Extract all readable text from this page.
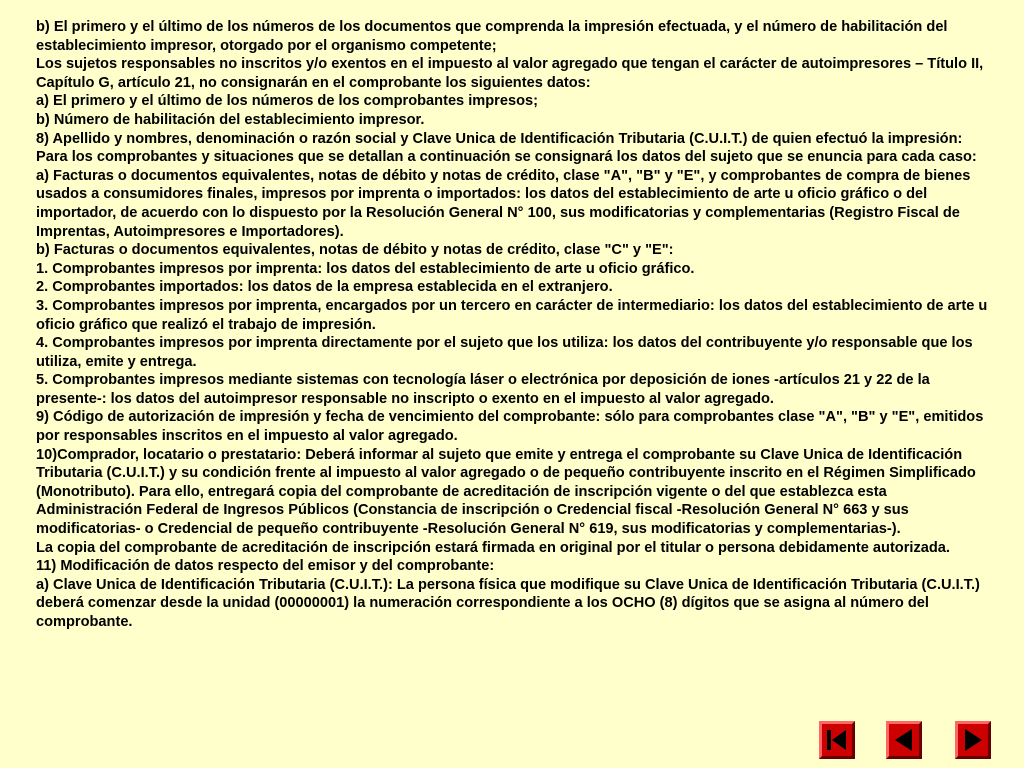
b) El primero y el último de los números de los documentos que comprenda la impresión efectuada, y el número de habilitación del establecimiento impresor, otorgado por el organismo competente;

Los sujetos responsables no inscritos y/o exentos en el impuesto al valor agregado que tengan el carácter de autoimpresores – Título II, Capítulo G, artículo 21, no consignarán en el comprobante los siguientes datos:

a) El primero y el último de los números de los comprobantes impresos;

b) Número de habilitación del establecimiento impresor.

8) Apellido y nombres, denominación o razón social y Clave Unica de Identificación Tributaria (C.U.I.T.) de quien efectuó la impresión: Para los comprobantes y situaciones que se detallan a continuación se consignará los datos del sujeto que se enuncia para cada caso:

a) Facturas o documentos equivalentes, notas de débito y notas de crédito, clase "A", "B" y "E", y comprobantes de compra de bienes usados a consumidores finales, impresos por imprenta o importados: los datos del establecimiento de arte u oficio gráfico o del importador, de acuerdo con lo dispuesto por la Resolución General N° 100, sus modificatorias y complementarias (Registro Fiscal de Imprentas, Autoimpresores e Importadores).

b) Facturas o documentos equivalentes, notas de débito y notas de crédito, clase "C" y "E":

1. Comprobantes impresos por imprenta: los datos del establecimiento de arte u oficio gráfico.

2. Comprobantes importados: los datos de la empresa establecida en el extranjero.

3. Comprobantes impresos por imprenta, encargados por un tercero en carácter de intermediario: los datos del establecimiento de arte u oficio gráfico que realizó el trabajo de impresión.

4. Comprobantes impresos por imprenta directamente por el sujeto que los utiliza: los datos del contribuyente y/o responsable que los utiliza, emite y entrega.

5. Comprobantes impresos mediante sistemas con tecnología láser o electrónica por deposición de iones -artículos 21 y 22 de la presente-: los datos del autoimpresor responsable no inscripto o exento en el impuesto al valor agregado.

9) Código de autorización de impresión y fecha de vencimiento del comprobante: sólo para comprobantes clase "A", "B" y "E", emitidos por responsables inscritos en el impuesto al valor agregado.

10)Comprador, locatario o prestatario: Deberá informar al sujeto que emite y entrega el comprobante su Clave Unica de Identificación Tributaria (C.U.I.T.) y su condición frente al impuesto al valor agregado o de pequeño contribuyente inscrito en el Régimen Simplificado (Monotributo). Para ello, entregará copia del comprobante de acreditación de inscripción vigente o del que establezca esta Administración Federal de Ingresos Públicos (Constancia de inscripción o Credencial fiscal -Resolución General N° 663 y sus modificatorias- o Credencial de pequeño contribuyente -Resolución General N° 619, sus modificatorias y complementarias-).

La copia del comprobante de acreditación de inscripción estará firmada en original por el titular o persona debidamente autorizada.

11) Modificación de datos respecto del emisor y del comprobante:

a) Clave Unica de Identificación Tributaria (C.U.I.T.): La persona física que modifique su Clave Unica de Identificación Tributaria (C.U.I.T.) deberá comenzar desde la unidad (00000001) la numeración correspondiente a los OCHO (8) dígitos que se asigna al número del comprobante.
